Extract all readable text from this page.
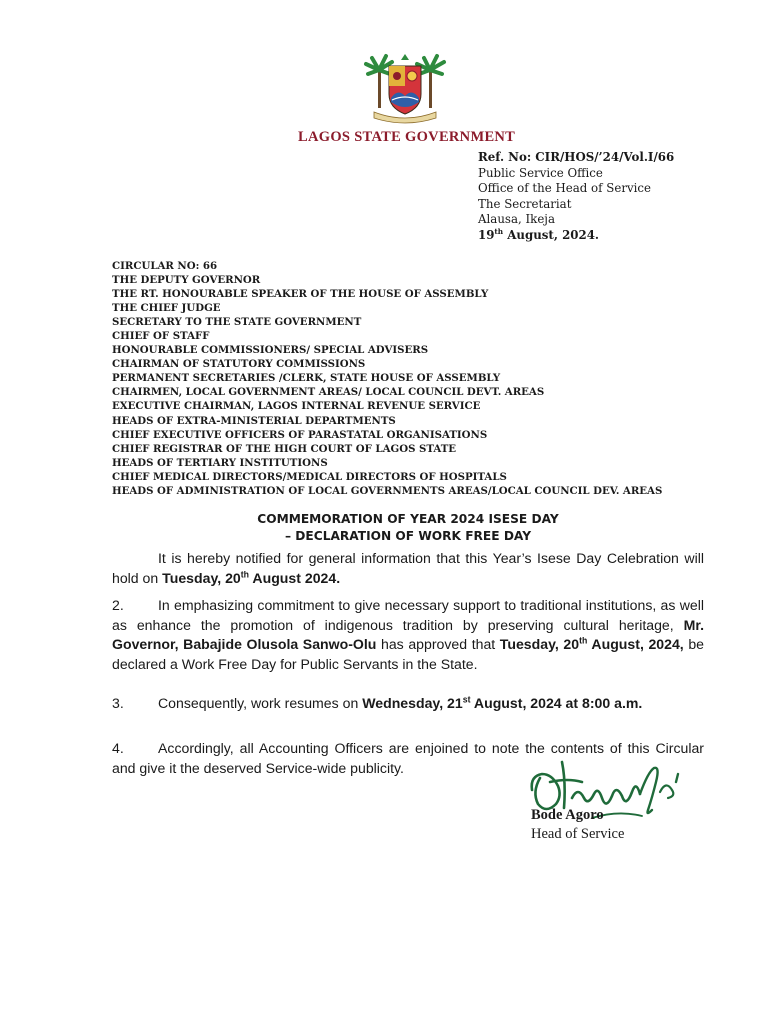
LAGOS STATE GOVERNMENT
Ref. No: CIR/HOS/’24/Vol.I/66
Public Service Office
Office of the Head of Service
The Secretariat
Alausa, Ikeja
19th August, 2024.
CIRCULAR NO: 66
THE DEPUTY GOVERNOR
THE RT. HONOURABLE SPEAKER OF THE HOUSE OF ASSEMBLY
THE CHIEF JUDGE
SECRETARY TO THE STATE GOVERNMENT
CHIEF OF STAFF
HONOURABLE COMMISSIONERS/ SPECIAL ADVISERS
CHAIRMAN OF STATUTORY COMMISSIONS
PERMANENT SECRETARIES /CLERK, STATE HOUSE OF ASSEMBLY
CHAIRMEN, LOCAL GOVERNMENT AREAS/ LOCAL COUNCIL DEVT. AREAS
EXECUTIVE CHAIRMAN, LAGOS INTERNAL REVENUE SERVICE
HEADS OF EXTRA-MINISTERIAL DEPARTMENTS
CHIEF EXECUTIVE OFFICERS OF PARASTATAL ORGANISATIONS
CHIEF REGISTRAR OF THE HIGH COURT OF LAGOS STATE
HEADS OF TERTIARY INSTITUTIONS
CHIEF MEDICAL DIRECTORS/MEDICAL DIRECTORS OF HOSPITALS
HEADS OF ADMINISTRATION OF LOCAL GOVERNMENTS AREAS/LOCAL COUNCIL DEV. AREAS
COMMEMORATION OF YEAR 2024 ISESE DAY
– DECLARATION OF WORK FREE DAY
It is hereby notified for general information that this Year’s Isese Day Celebration will hold on Tuesday, 20th August 2024.
2. In emphasizing commitment to give necessary support to traditional institutions, as well as enhance the promotion of indigenous tradition by preserving cultural heritage, Mr. Governor, Babajide Olusola Sanwo-Olu has approved that Tuesday, 20th August, 2024, be declared a Work Free Day for Public Servants in the State.
3. Consequently, work resumes on Wednesday, 21st August, 2024 at 8:00 a.m.
4. Accordingly, all Accounting Officers are enjoined to note the contents of this Circular and give it the deserved Service-wide publicity.
Bode Agoro
Head of Service
